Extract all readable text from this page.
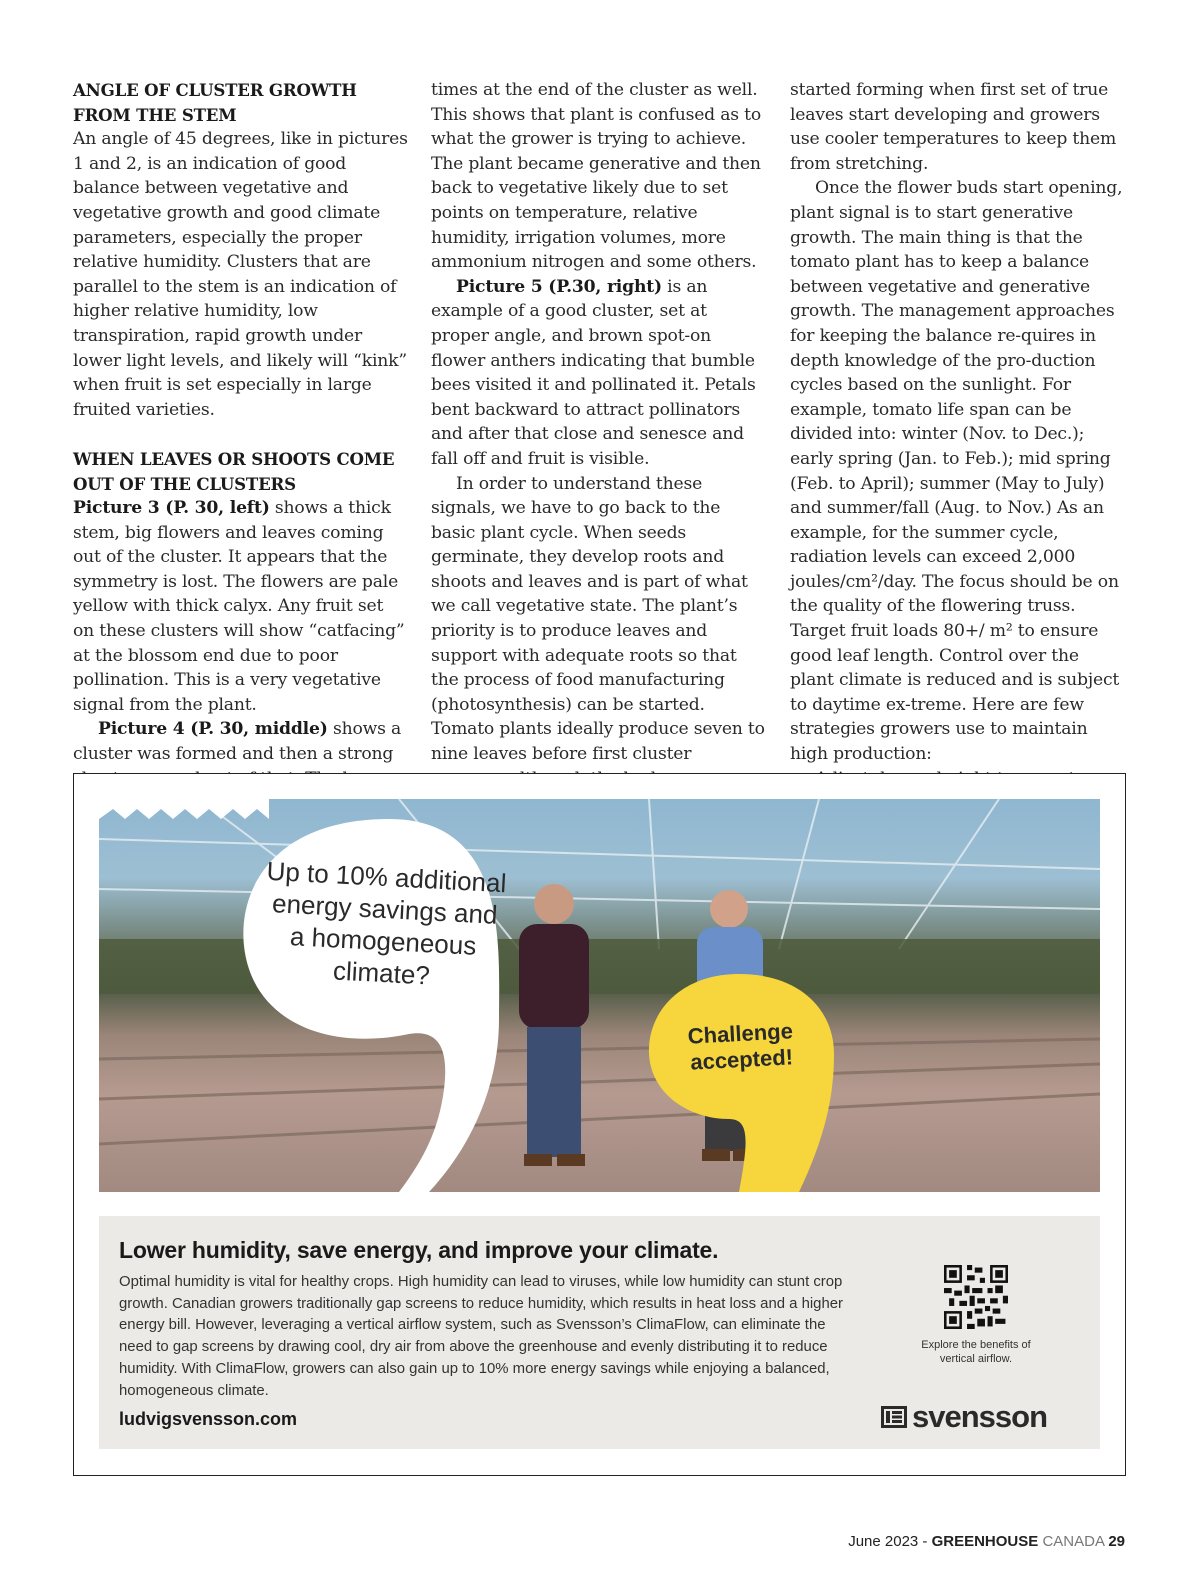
ANGLE OF CLUSTER GROWTH FROM THE STEM

An angle of 45 degrees, like in pictures 1 and 2, is an indication of good balance between vegetative and vegetative growth and good climate parameters, especially the proper relative humidity. Clusters that are parallel to the stem is an indication of higher relative humidity, low transpiration, rapid growth under lower light levels, and likely will “kink” when fruit is set especially in large fruited varieties.

WHEN LEAVES OR SHOOTS COME OUT OF THE CLUSTERS

Picture 3 (P. 30, left) shows a thick stem, big flowers and leaves coming out of the cluster. It appears that the symmetry is lost. The flowers are pale yellow with thick calyx. Any fruit set on these clusters will show “catfacing” at the blossom end due to poor pollination. This is a very vegetative signal from the plant.

Picture 4 (P. 30, middle) shows a cluster was formed and then a strong

times at the end of the cluster as well. This shows that plant is confused as to what the grower is trying to achieve. The plant became generative and then back to vegetative likely due to set points on temperature, relative humidity, irrigation volumes, more ammonium nitrogen and some others.

Picture 5 (P.30, right) is an example of a good cluster, set at proper angle, and brown spot-on flower anthers indicating that bumble bees visited it and pollinated it. Petals bent backward to attract pollinators and after that close and senesce and fall off and fruit is visible.

In order to understand these signals, we have to go back to the basic plant cycle. When seeds germinate, they develop roots and shoots and leaves and is part of what we call vegetative state. The plant’s priority is to produce leaves and support with adequate roots so that the process of food manufacturing (photosynthesis) can be started. Tomato plants ideally produce seven to nine leaves before first cluster

started forming when first set of true leaves start developing and growers use cooler temperatures to keep them from stretching.

Once the flower buds start opening, plant signal is to start generative growth. The main thing is that the tomato plant has to keep a balance between vegetative and generative growth. The management approaches for keeping the balance re-quires in depth knowledge of the pro-duction cycles based on the sunlight. For example, tomato life span can be divided into: winter (Nov. to Dec.); early spring (Jan. to Feb.); mid spring (Feb. to April); summer (May to July) and summer/fall (Aug. to Nov.) As an example, for the summer cycle, radiation levels can exceed 2,000 joules/cm²/day. The focus should be on the quality of the flowering truss. Target fruit loads 80+/ m² to ensure good leaf length. Control over the plant climate is reduced and is subject to daytime ex-treme. Here are few strategies growers use to maintain high production:

•
•
Up to 10% additional energy savings and a homogeneous climate?
Challenge accepted!
Lower humidity, save energy, and improve your climate.
Optimal humidity is vital for healthy crops. High humidity can lead to viruses, while low humidity can stunt crop growth. Canadian growers traditionally gap screens to reduce humidity, which results in heat loss and a higher energy bill. However, leveraging a vertical airflow system, such as Svensson’s ClimaFlow, can eliminate the need to gap screens by drawing cool, dry air from above the greenhouse and evenly distributing it to reduce humidity. With ClimaFlow, growers can also gain up to 10% more energy savings while enjoying a balanced, homogeneous climate.
ludvigsvensson.com
Explore the benefits of vertical airflow.
svensson
June 2023 - GREENHOUSE CANADA 29
